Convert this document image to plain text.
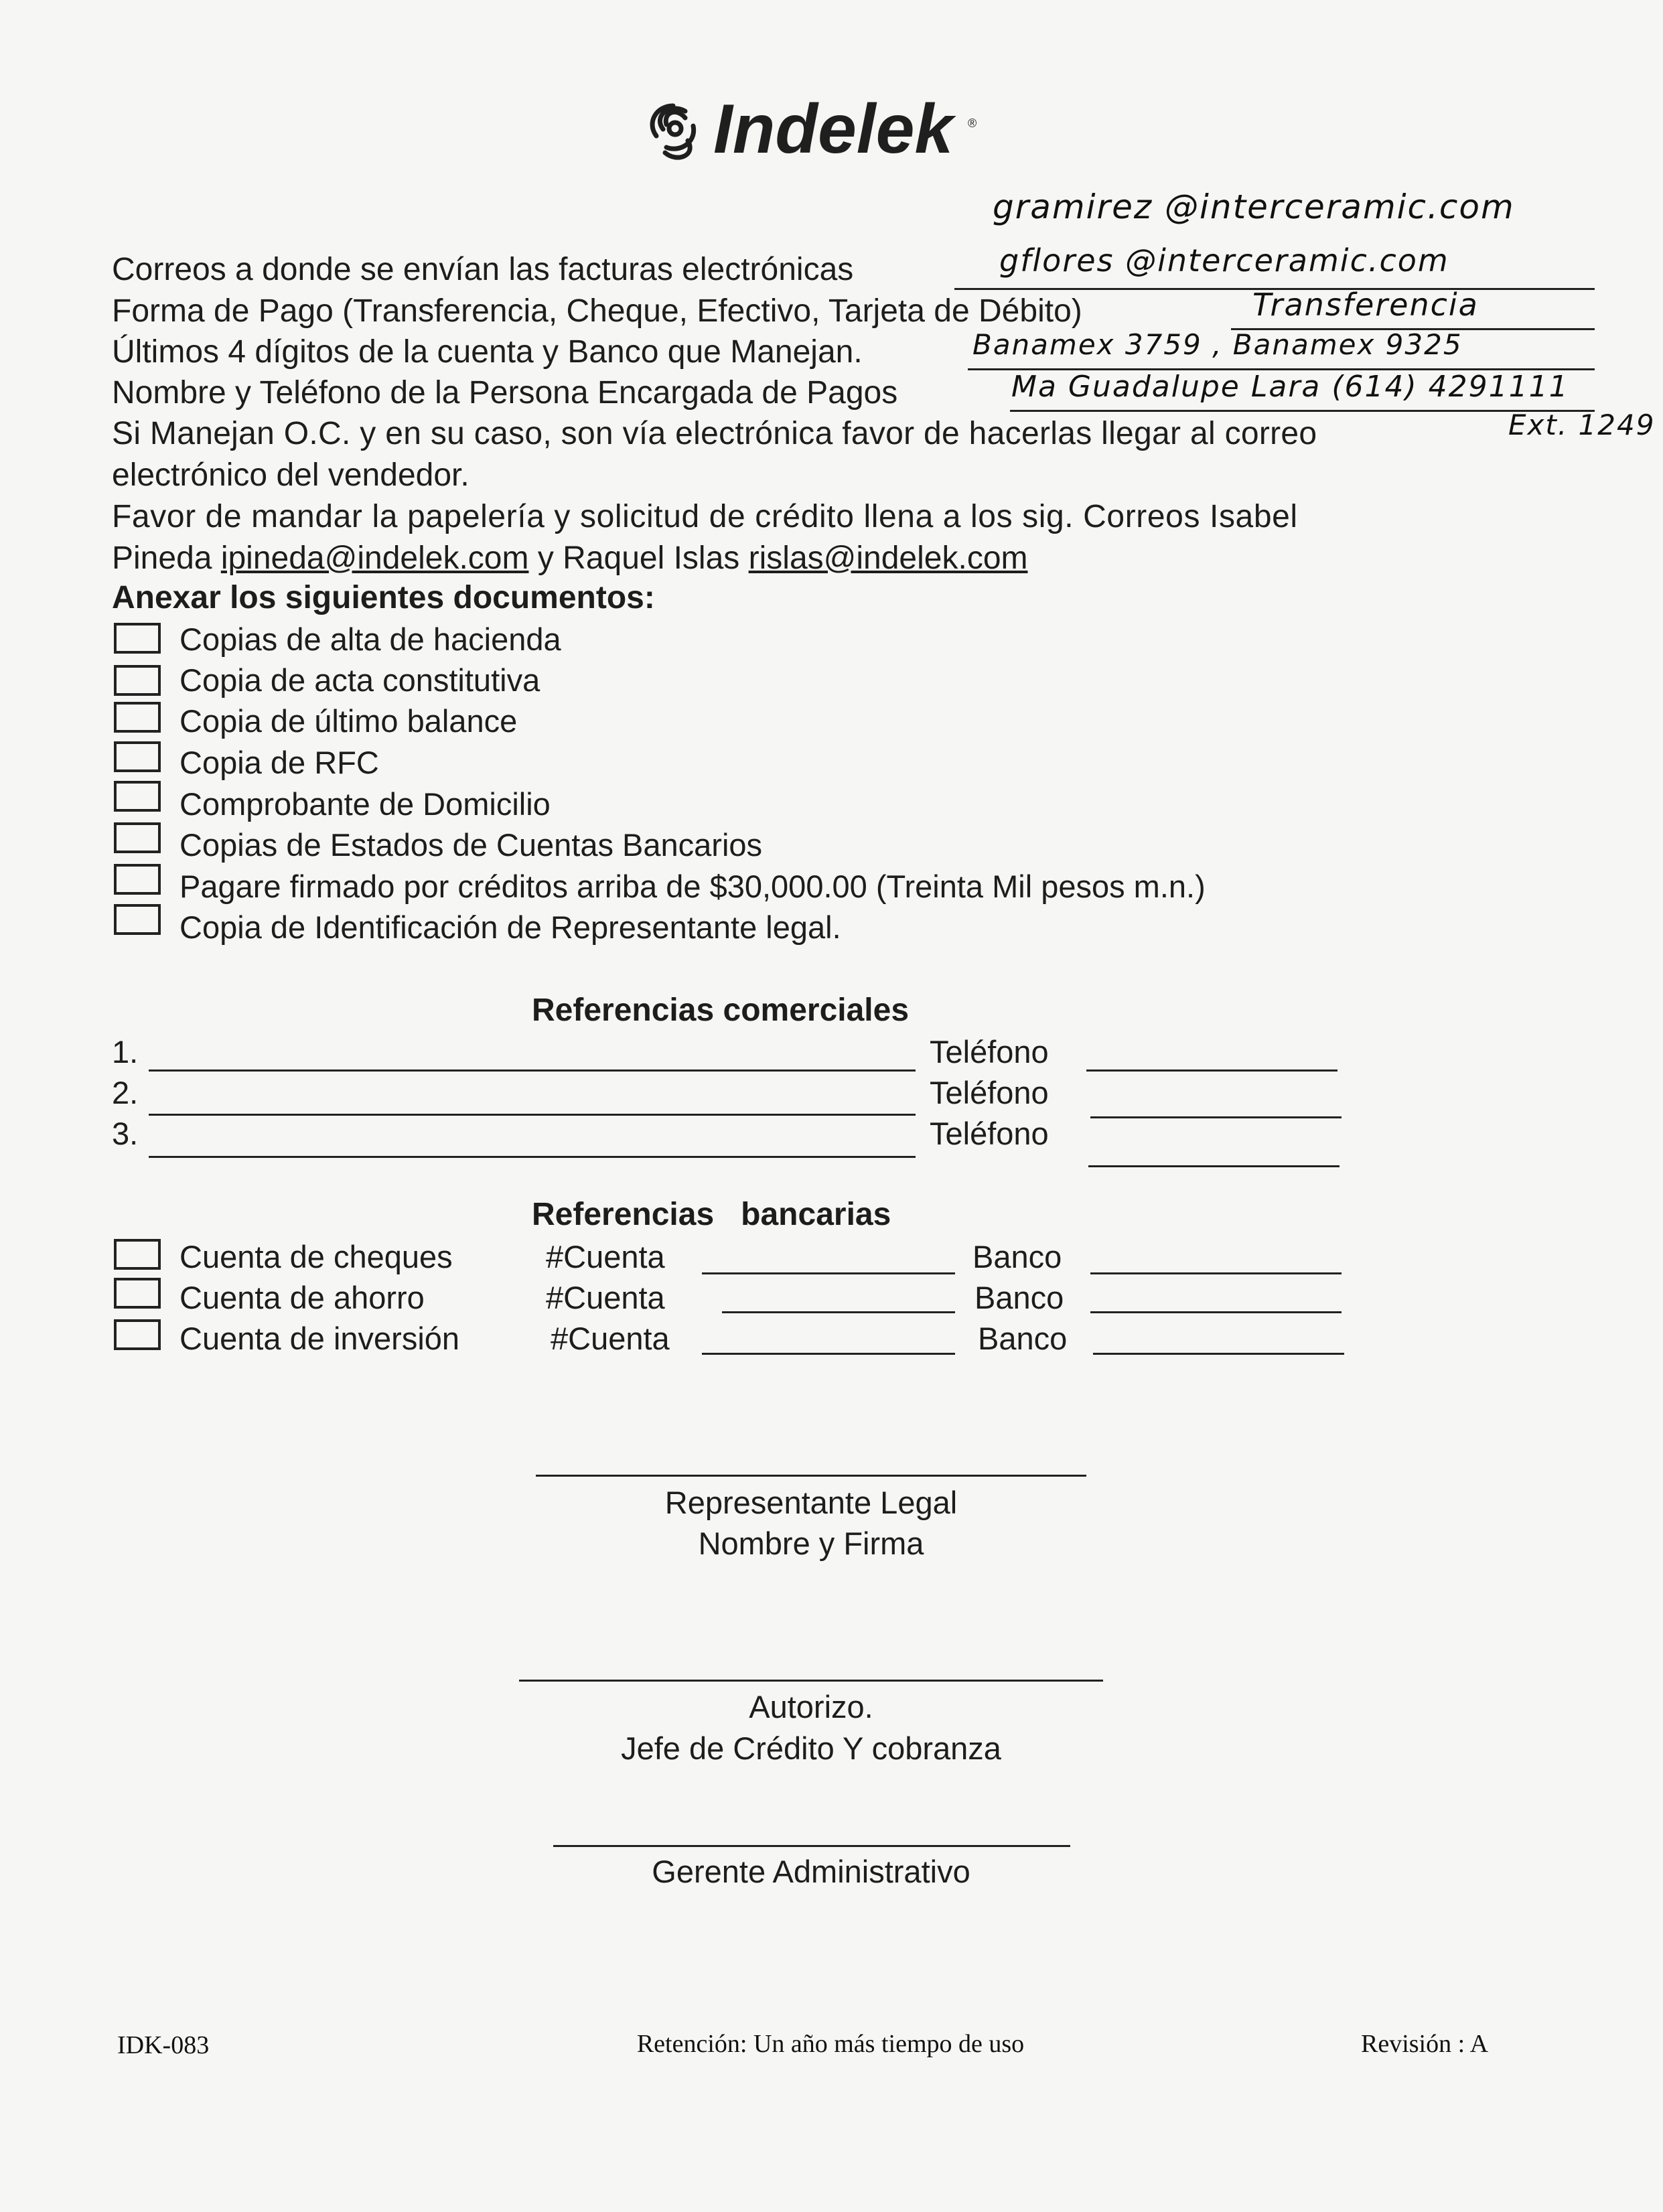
Indelek ®
gramirez @interceramic.com
Correos a donde se envían las facturas electrónicas	gflores @interceramic.com
Forma de Pago (Transferencia, Cheque, Efectivo, Tarjeta de Débito)	Transferencia
Últimos 4 dígitos de la cuenta y Banco que Manejan.	Banamex 3759 , Banamex 9325
Nombre y Teléfono de la Persona Encargada de Pagos	Ma Guadalupe Lara (614) 4291111
Si Manejan O.C. y en su caso, son vía electrónica favor de hacerlas llegar al correo	Ext. 1249
electrónico del vendedor.
Favor de mandar la papelería y solicitud de crédito llena a los sig. Correos Isabel
Pineda ipineda@indelek.com y Raquel Islas rislas@indelek.com
Anexar los siguientes documentos:
Copias de alta de hacienda
Copia de acta constitutiva
Copia de último balance
Copia de RFC
Comprobante de Domicilio
Copias de Estados de Cuentas Bancarios
Pagare firmado por créditos arriba de $30,000.00 (Treinta Mil pesos m.n.)
Copia de Identificación de Representante legal.
Referencias comerciales
1.	Teléfono
2.	Teléfono
3.	Teléfono
Referencias   bancarias
Cuenta de cheques	#Cuenta	Banco
Cuenta de ahorro	#Cuenta	Banco
Cuenta de inversión	#Cuenta	Banco
Representante Legal
Nombre y Firma
Autorizo.
Jefe de Crédito Y cobranza
Gerente Administrativo
IDK-083	Retención: Un año más tiempo de uso	Revisión : A
